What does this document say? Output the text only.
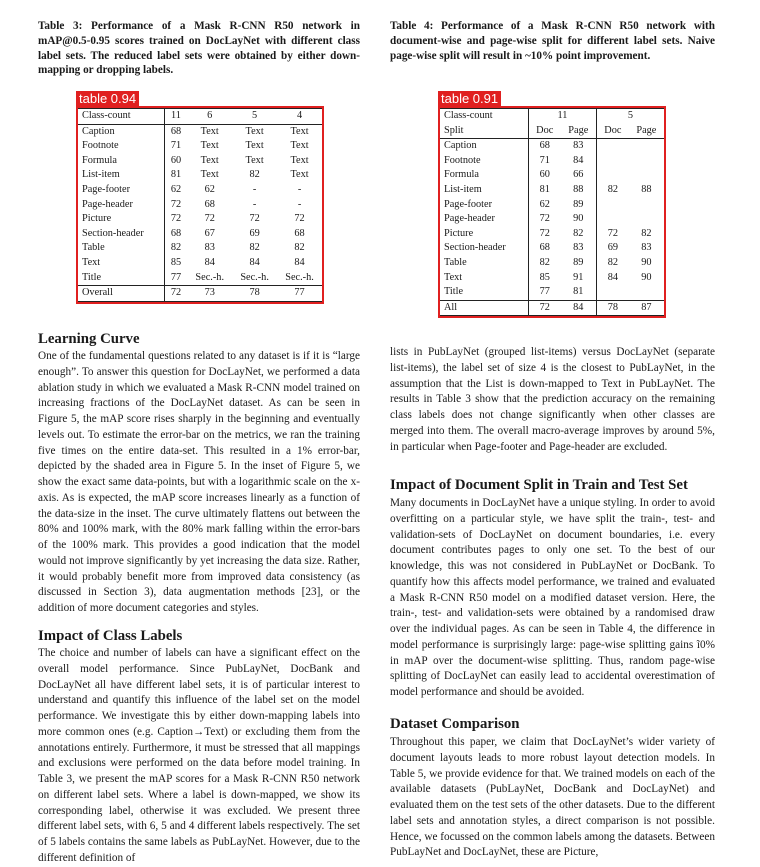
Table 3: Performance of a Mask R-CNN R50 network in mAP@0.5-0.95 scores trained on DocLayNet with different class label sets. The reduced label sets were obtained by either down-mapping or dropping labels.
table 0.94
Class-count	11	6	5	4
Caption	68	Text	Text	Text
Footnote	71	Text	Text	Text
Formula	60	Text	Text	Text
List-item	81	Text	82	Text
Page-footer	62	62	-	-
Page-header	72	68	-	-
Picture	72	72	72	72
Section-header	68	67	69	68
Table	82	83	82	82
Text	85	84	84	84
Title	77	Sec.-h.	Sec.-h.	Sec.-h.
Overall	72	73	78	77
Learning Curve

One of the fundamental questions related to any dataset is if it is “large enough”. To answer this question for DocLayNet, we performed a data ablation study in which we evaluated a Mask R-CNN model trained on increasing fractions of the DocLayNet dataset. As can be seen in Figure 5, the mAP score rises sharply in the beginning and eventually levels out. To estimate the error-bar on the metrics, we ran the training five times on the entire data-set. This resulted in a 1% error-bar, depicted by the shaded area in Figure 5. In the inset of Figure 5, we show the exact same data-points, but with a logarithmic scale on the x-axis. As is expected, the mAP score increases linearly as a function of the data-size in the inset. The curve ultimately flattens out between the 80% and 100% mark, with the 80% mark falling within the error-bars of the 100% mark. This provides a good indication that the model would not improve significantly by yet increasing the data size. Rather, it would probably benefit more from improved data consistency (as discussed in Section 3), data augmentation methods [23], or the addition of more document categories and styles.

Impact of Class Labels

The choice and number of labels can have a significant effect on the overall model performance. Since PubLayNet, DocBank and DocLayNet all have different label sets, it is of particular interest to understand and quantify this influence of the label set on the model performance. We investigate this by either down-mapping labels into more common ones (e.g. Caption→Text) or excluding them from the annotations entirely. Furthermore, it must be stressed that all mappings and exclusions were performed on the data before model training. In Table 3, we present the mAP scores for a Mask R-CNN R50 network on different label sets. Where a label is down-mapped, we show its corresponding label, otherwise it was excluded. We present three different label sets, with 6, 5 and 4 different labels respectively. The set of 5 labels contains the same labels as PubLayNet. However, due to the different definition of

Table 4: Performance of a Mask R-CNN R50 network with document-wise and page-wise split for different label sets. Naive page-wise split will result in ~10% point improvement.
table 0.91
Class-count	11		5	
Split	Doc	Page	Doc	Page
Caption	68	83		
Footnote	71	84		
Formula	60	66		
List-item	81	88	82	88
Page-footer	62	89		
Page-header	72	90		
Picture	72	82	72	82
Section-header	68	83	69	83
Table	82	89	82	90
Text	85	91	84	90
Title	77	81		
All	72	84	78	87

lists in PubLayNet (grouped list-items) versus DocLayNet (separate list-items), the label set of size 4 is the closest to PubLayNet, in the assumption that the List is down-mapped to Text in PubLayNet. The results in Table 3 show that the prediction accuracy on the remaining class labels does not change significantly when other classes are merged into them. The overall macro-average improves by around 5%, in particular when Page-footer and Page-header are excluded.

Impact of Document Split in Train and Test Set

Many documents in DocLayNet have a unique styling. In order to avoid overfitting on a particular style, we have split the train-, test- and validation-sets of DocLayNet on document boundaries, i.e. every document contributes pages to only one set. To the best of our knowledge, this was not considered in PubLayNet or DocBank. To quantify how this affects model performance, we trained and evaluated a Mask R-CNN R50 model on a modified dataset version. Here, the train-, test- and validation-sets were obtained by a randomised draw over the individual pages. As can be seen in Table 4, the difference in model performance is surprisingly large: page-wise splitting gains ĩ0% in mAP over the document-wise splitting. Thus, random page-wise splitting of DocLayNet can easily lead to accidental overestimation of model performance and should be avoided.

Dataset Comparison

Throughout this paper, we claim that DocLayNet’s wider variety of document layouts leads to more robust layout detection models. In Table 5, we provide evidence for that. We trained models on each of the available datasets (PubLayNet, DocBank and DocLayNet) and evaluated them on the test sets of the other datasets. Due to the different label sets and annotation styles, a direct comparison is not possible. Hence, we focussed on the common labels among the datasets. Between PubLayNet and DocLayNet, these are Picture,
